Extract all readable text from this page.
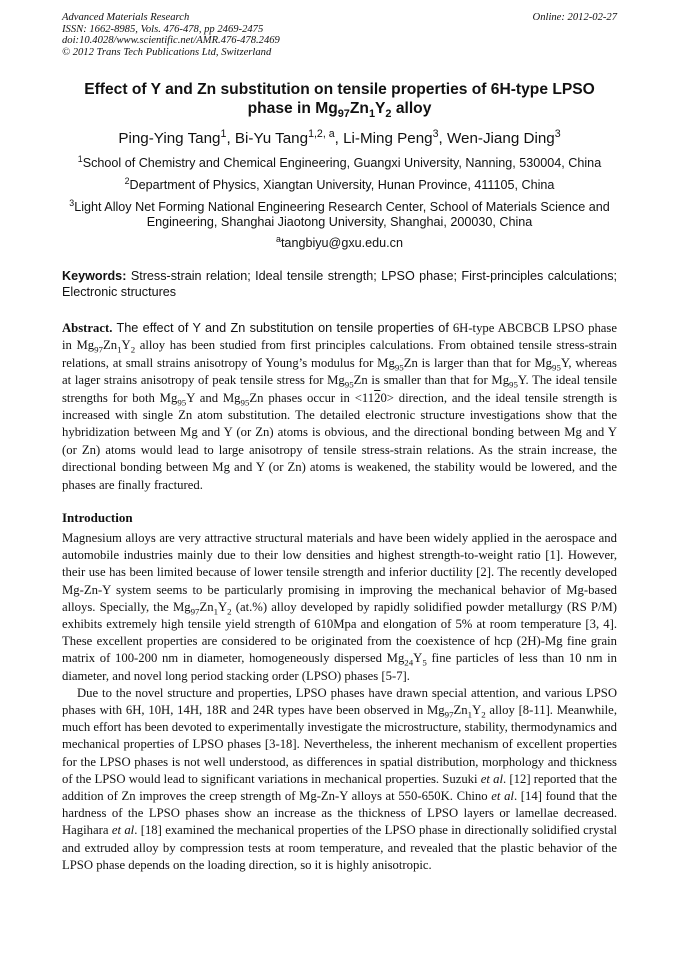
Advanced Materials Research
ISSN: 1662-8985, Vols. 476-478, pp 2469-2475
doi:10.4028/www.scientific.net/AMR.476-478.2469
© 2012 Trans Tech Publications Ltd, Switzerland
Online: 2012-02-27
Effect of Y and Zn substitution on tensile properties of 6H-type LPSO
phase in $Mg_{97}Zn_1Y_2$ alloy
Ping-Ying Tang$^1$, Bi-Yu Tang$^{1,2, a}$, Li-Ming Peng$^3$, Wen-Jiang Ding$^3$
$^1$School of Chemistry and Chemical Engineering, Guangxi University, Nanning, 530004, China
$^2$Department of Physics, Xiangtan University, Hunan Province, 411105, China
$^3$Light Alloy Net Forming National Engineering Research Center, School of Materials Science and Engineering, Shanghai Jiaotong University, Shanghai, 200030, China
$^a$tangbiyu@gxu.edu.cn
Keywords: Stress-strain relation; Ideal tensile strength; LPSO phase; First-principles calculations; Electronic structures
Abstract. The effect of Y and Zn substitution on tensile properties of 6H-type ABCBCB LPSO phase in $Mg_{97}Zn_1Y_2$ alloy has been studied from first principles calculations. From obtained tensile stress-strain relations, at small strains anisotropy of Young’s modulus for $Mg_{95}Zn$ is larger than that for $Mg_{95}Y$, whereas at lager strains anisotropy of peak tensile stress for $Mg_{95}Zn$ is smaller than that for $Mg_{95}Y$. The ideal tensile strengths for both $Mg_{95}Y$ and $Mg_{95}Zn$ phases occur in <1120> direction, and the ideal tensile strength is increased with single Zn atom substitution. The detailed electronic structure investigations show that the hybridization between Mg and Y (or Zn) atoms is obvious, and the directional bonding between Mg and Y (or Zn) atoms would lead to large anisotropy of tensile stress-strain relations. As the strain increase, the directional bonding between Mg and Y (or Zn) atoms is weakened, the stability would be lowered, and the phases are finally fractured.
Introduction

Magnesium alloys are very attractive structural materials and have been widely applied in the aerospace and automobile industries mainly due to their low densities and highest strength-to-weight ratio [1]. However, their use has been limited because of lower tensile strength and inferior ductility [2]. The recently developed Mg-Zn-Y system seems to be particularly promising in improving the mechanical behavior of Mg-based alloys. Specially, the $Mg_{97}Zn_1Y_2$ (at.%) alloy developed by rapidly solidified powder metallurgy (RS P/M) exhibits extremely high tensile yield strength of 610Mpa and elongation of 5% at room temperature [3, 4]. These excellent properties are considered to be originated from the coexistence of hcp (2H)-Mg fine grain matrix of 100-200 nm in diameter, homogeneously dispersed $Mg_{24}Y_5$ fine particles of less than 10 nm in diameter, and novel long period stacking order (LPSO) phases [5-7].

Due to the novel structure and properties, LPSO phases have drawn special attention, and various LPSO phases with 6H, 10H, 14H, 18R and 24R types have been observed in $Mg_{97}Zn_1Y_2$ alloy [8-11]. Meanwhile, much effort has been devoted to experimentally investigate the microstructure, stability, thermodynamics and mechanical properties of LPSO phases [3-18]. Nevertheless, the inherent mechanism of excellent properties for the LPSO phases is not well understood, as differences in spatial distribution, morphology and thickness of the LPSO would lead to significant variations in mechanical properties. Suzuki et al. [12] reported that the addition of Zn improves the creep strength of Mg-Zn-Y alloys at 550-650K. Chino et al. [14] found that the hardness of the LPSO phases show an increase as the thickness of LPSO layers or lamellae decreased. Hagihara et al. [18] examined the mechanical properties of the LPSO phase in directionally solidified crystal and extruded alloy by compression tests at room temperature, and revealed that the plastic behavior of the LPSO phase depends on the loading direction, so it is highly anisotropic.
